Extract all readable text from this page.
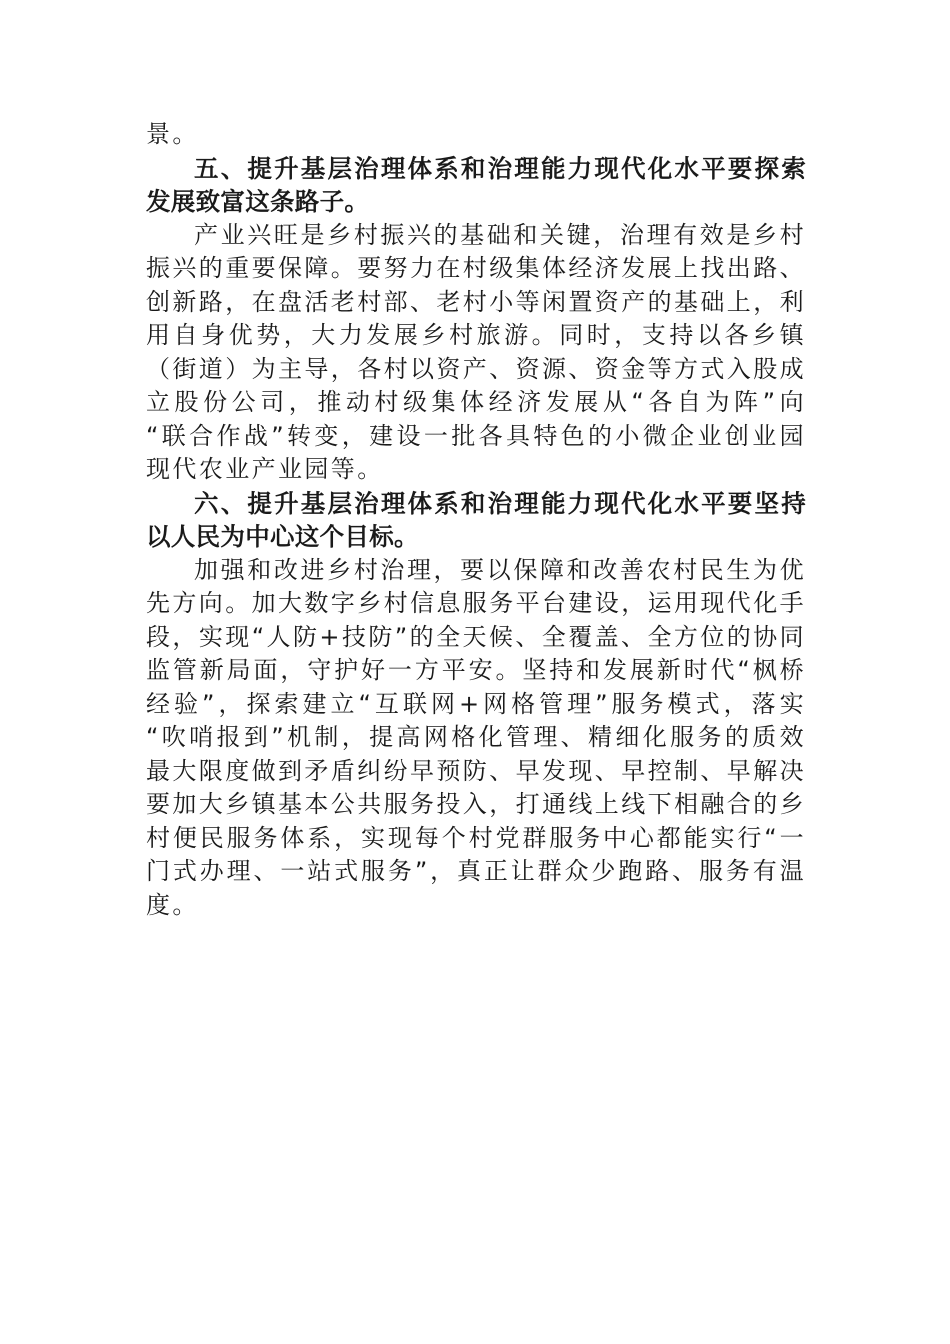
景。
五、提升基层治理体系和治理能力现代化水平要探索
发展致富这条路子。
产业兴旺是乡村振兴的基础和关键，治理有效是乡村
振兴的重要保障。要努力在村级集体经济发展上找出路、
创新路，在盘活老村部、老村小等闲置资产的基础上，利
用自身优势，大力发展乡村旅游。同时，支持以各乡镇
（街道）为主导，各村以资产、资源、资金等方式入股成
立股份公司，推动村级集体经济发展从“各自为阵”向
“联合作战”转变，建设一批各具特色的小微企业创业园
现代农业产业园等。
六、提升基层治理体系和治理能力现代化水平要坚持
以人民为中心这个目标。
加强和改进乡村治理，要以保障和改善农村民生为优
先方向。加大数字乡村信息服务平台建设，运用现代化手
段，实现“人防+技防”的全天候、全覆盖、全方位的协同
监管新局面，守护好一方平安。坚持和发展新时代“枫桥
经验”，探索建立“互联网+网格管理”服务模式，落实
“吹哨报到”机制，提高网格化管理、精细化服务的质效
最大限度做到矛盾纠纷早预防、早发现、早控制、早解决
要加大乡镇基本公共服务投入，打通线上线下相融合的乡
村便民服务体系，实现每个村党群服务中心都能实行“一
门式办理、一站式服务”，真正让群众少跑路、服务有温
度。
